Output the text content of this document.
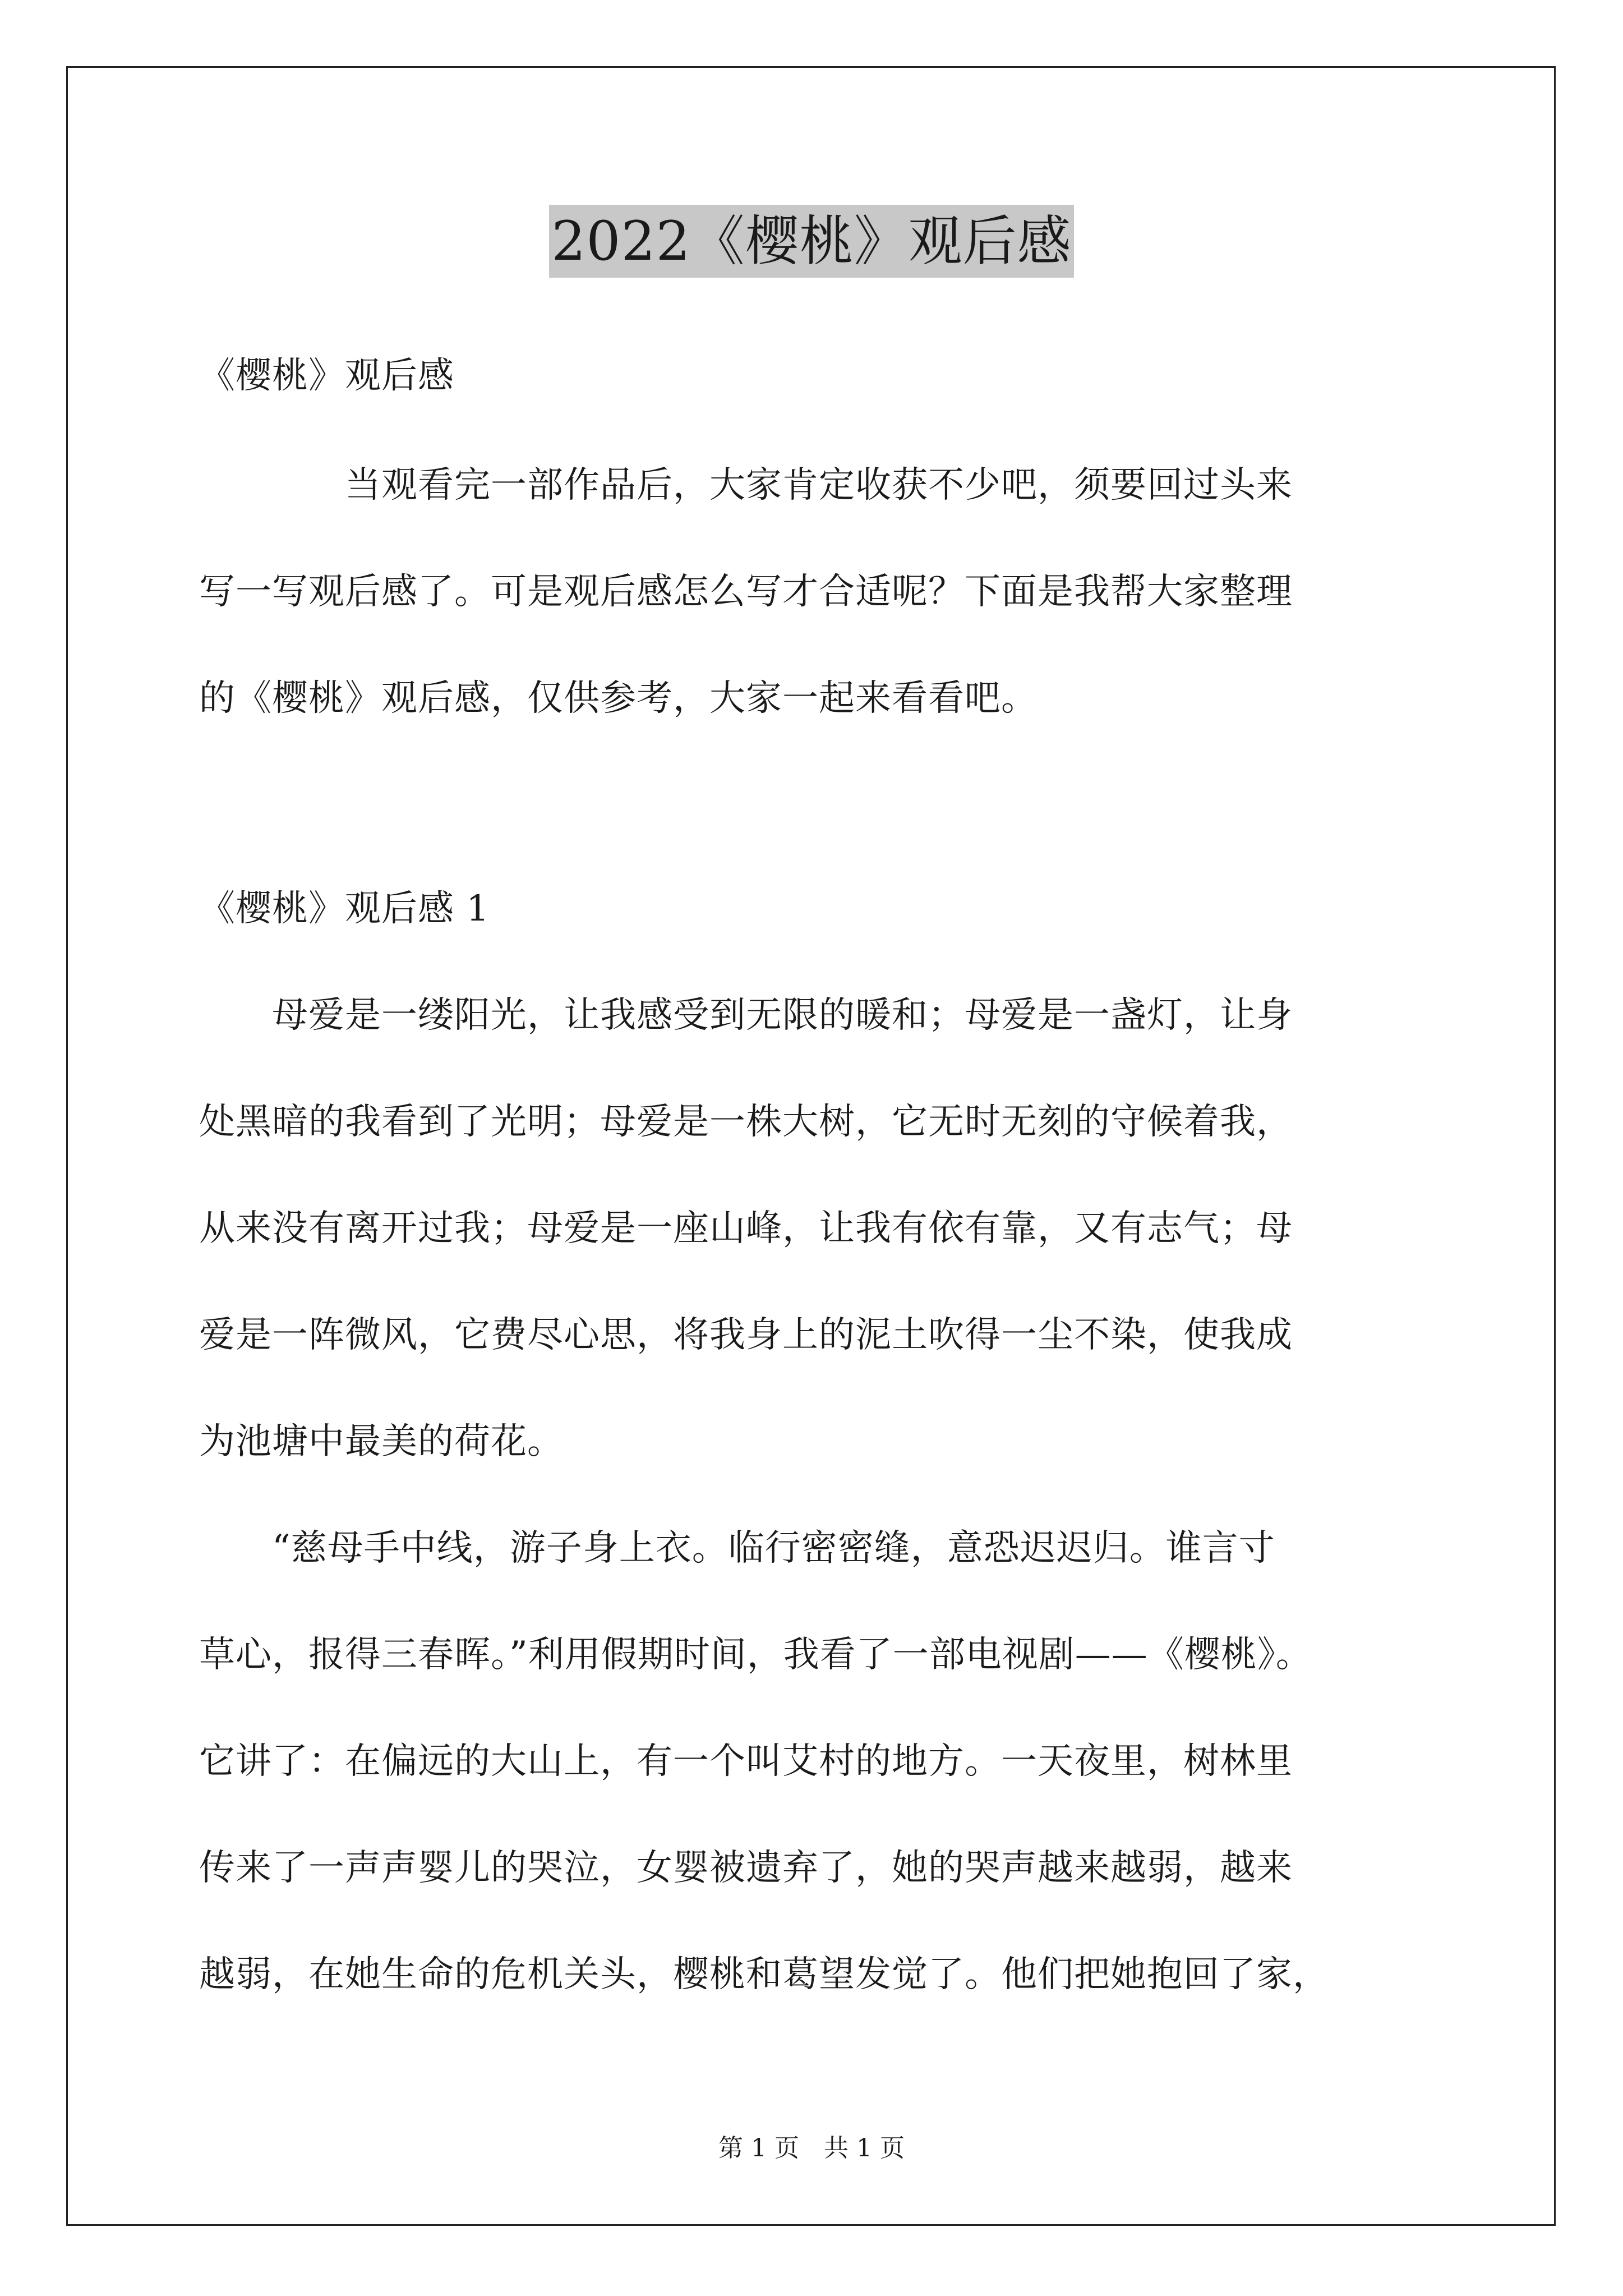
2022《樱桃》观后感
《樱桃》观后感
　　　　当观看完一部作品后，大家肯定收获不少吧，须要回过头来
写一写观后感了。可是观后感怎么写才合适呢？下面是我帮大家整理
的《樱桃》观后感，仅供参考，大家一起来看看吧。
《樱桃》观后感 1
　　母爱是一缕阳光，让我感受到无限的暖和；母爱是一盏灯，让身
处黑暗的我看到了光明；母爱是一株大树，它无时无刻的守候着我，
从来没有离开过我；母爱是一座山峰，让我有依有靠，又有志气；母
爱是一阵微风，它费尽心思，将我身上的泥土吹得一尘不染，使我成
为池塘中最美的荷花。
　　“慈母手中线，游子身上衣。临行密密缝，意恐迟迟归。谁言寸
草心，报得三春晖。”利用假期时间，我看了一部电视剧——《樱桃》。
它讲了：在偏远的大山上，有一个叫艾村的地方。一天夜里，树林里
传来了一声声婴儿的哭泣，女婴被遗弃了，她的哭声越来越弱，越来
越弱，在她生命的危机关头，樱桃和葛望发觉了。他们把她抱回了家，
第 1 页　共 1 页
